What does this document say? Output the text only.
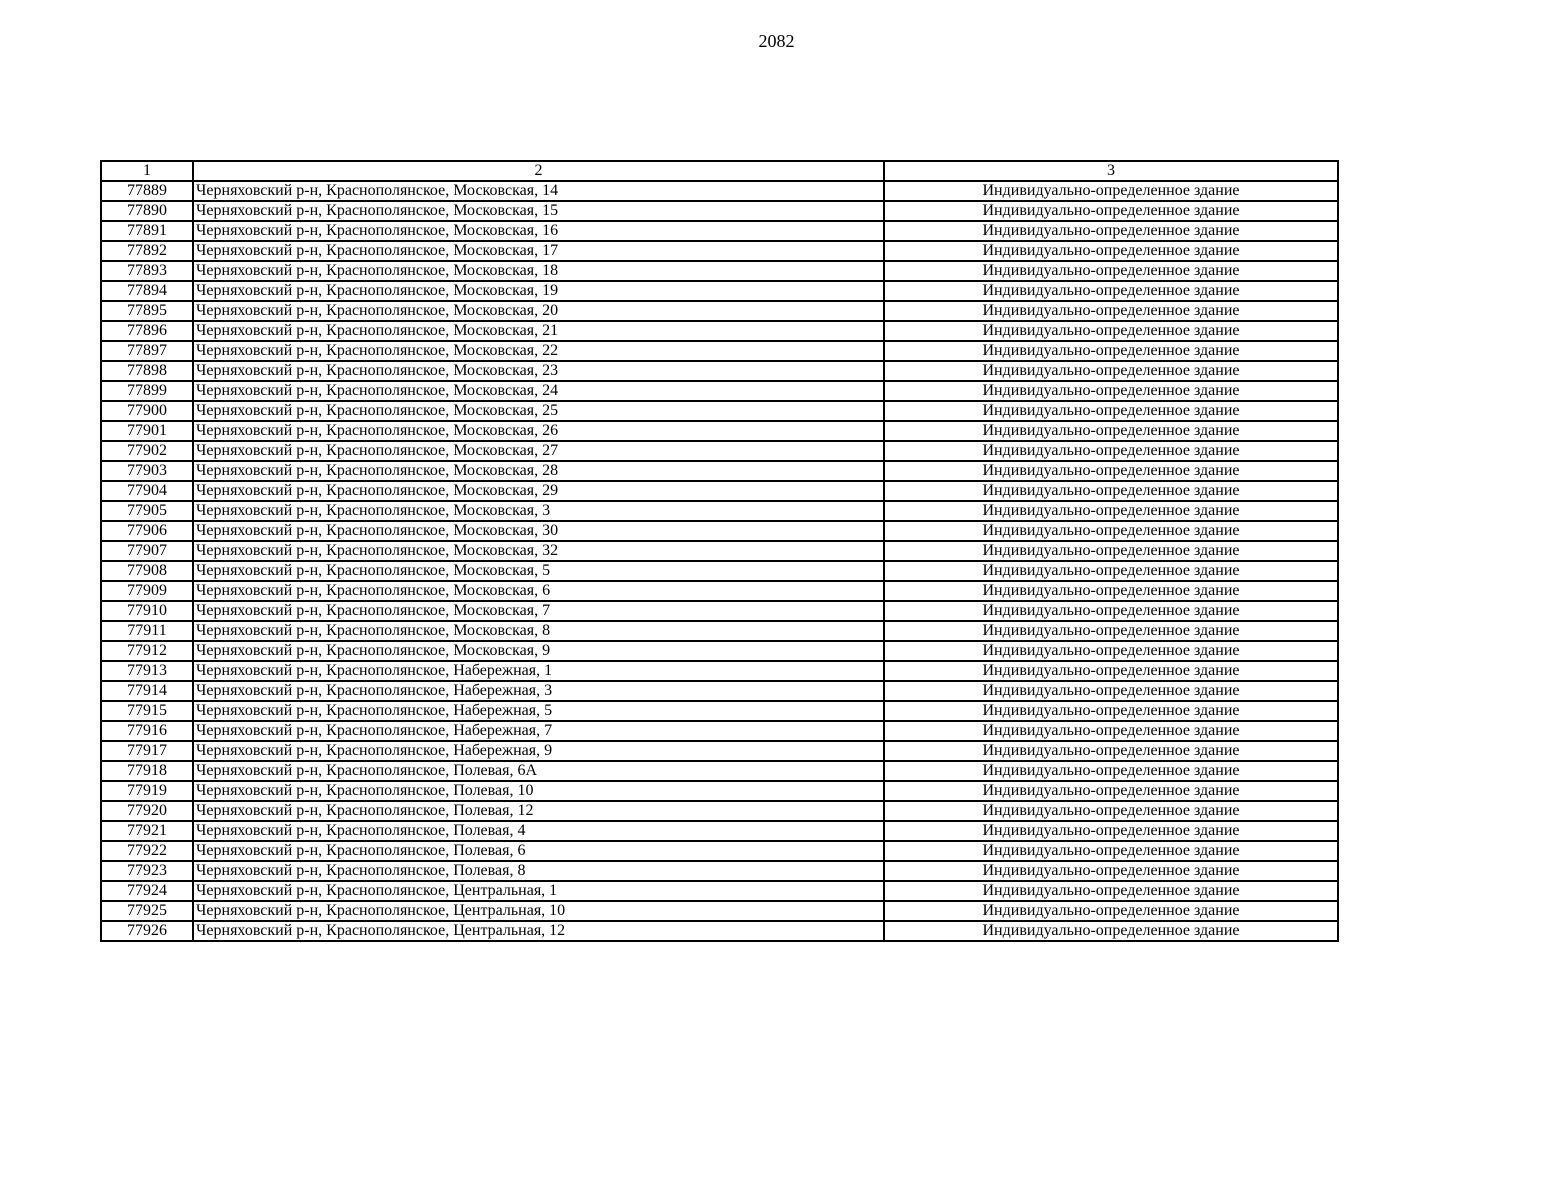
2082
1	2	3
77889	Черняховский р-н, Краснополянское, Московская, 14	Индивидуально-определенное здание
77890	Черняховский р-н, Краснополянское, Московская, 15	Индивидуально-определенное здание
77891	Черняховский р-н, Краснополянское, Московская, 16	Индивидуально-определенное здание
77892	Черняховский р-н, Краснополянское, Московская, 17	Индивидуально-определенное здание
77893	Черняховский р-н, Краснополянское, Московская, 18	Индивидуально-определенное здание
77894	Черняховский р-н, Краснополянское, Московская, 19	Индивидуально-определенное здание
77895	Черняховский р-н, Краснополянское, Московская, 20	Индивидуально-определенное здание
77896	Черняховский р-н, Краснополянское, Московская, 21	Индивидуально-определенное здание
77897	Черняховский р-н, Краснополянское, Московская, 22	Индивидуально-определенное здание
77898	Черняховский р-н, Краснополянское, Московская, 23	Индивидуально-определенное здание
77899	Черняховский р-н, Краснополянское, Московская, 24	Индивидуально-определенное здание
77900	Черняховский р-н, Краснополянское, Московская, 25	Индивидуально-определенное здание
77901	Черняховский р-н, Краснополянское, Московская, 26	Индивидуально-определенное здание
77902	Черняховский р-н, Краснополянское, Московская, 27	Индивидуально-определенное здание
77903	Черняховский р-н, Краснополянское, Московская, 28	Индивидуально-определенное здание
77904	Черняховский р-н, Краснополянское, Московская, 29	Индивидуально-определенное здание
77905	Черняховский р-н, Краснополянское, Московская, 3	Индивидуально-определенное здание
77906	Черняховский р-н, Краснополянское, Московская, 30	Индивидуально-определенное здание
77907	Черняховский р-н, Краснополянское, Московская, 32	Индивидуально-определенное здание
77908	Черняховский р-н, Краснополянское, Московская, 5	Индивидуально-определенное здание
77909	Черняховский р-н, Краснополянское, Московская, 6	Индивидуально-определенное здание
77910	Черняховский р-н, Краснополянское, Московская, 7	Индивидуально-определенное здание
77911	Черняховский р-н, Краснополянское, Московская, 8	Индивидуально-определенное здание
77912	Черняховский р-н, Краснополянское, Московская, 9	Индивидуально-определенное здание
77913	Черняховский р-н, Краснополянское, Набережная, 1	Индивидуально-определенное здание
77914	Черняховский р-н, Краснополянское, Набережная, 3	Индивидуально-определенное здание
77915	Черняховский р-н, Краснополянское, Набережная, 5	Индивидуально-определенное здание
77916	Черняховский р-н, Краснополянское, Набережная, 7	Индивидуально-определенное здание
77917	Черняховский р-н, Краснополянское, Набережная, 9	Индивидуально-определенное здание
77918	Черняховский р-н, Краснополянское, Полевая, 6А	Индивидуально-определенное здание
77919	Черняховский р-н, Краснополянское, Полевая, 10	Индивидуально-определенное здание
77920	Черняховский р-н, Краснополянское, Полевая, 12	Индивидуально-определенное здание
77921	Черняховский р-н, Краснополянское, Полевая, 4	Индивидуально-определенное здание
77922	Черняховский р-н, Краснополянское, Полевая, 6	Индивидуально-определенное здание
77923	Черняховский р-н, Краснополянское, Полевая, 8	Индивидуально-определенное здание
77924	Черняховский р-н, Краснополянское, Центральная, 1	Индивидуально-определенное здание
77925	Черняховский р-н, Краснополянское, Центральная, 10	Индивидуально-определенное здание
77926	Черняховский р-н, Краснополянское, Центральная, 12	Индивидуально-определенное здание
